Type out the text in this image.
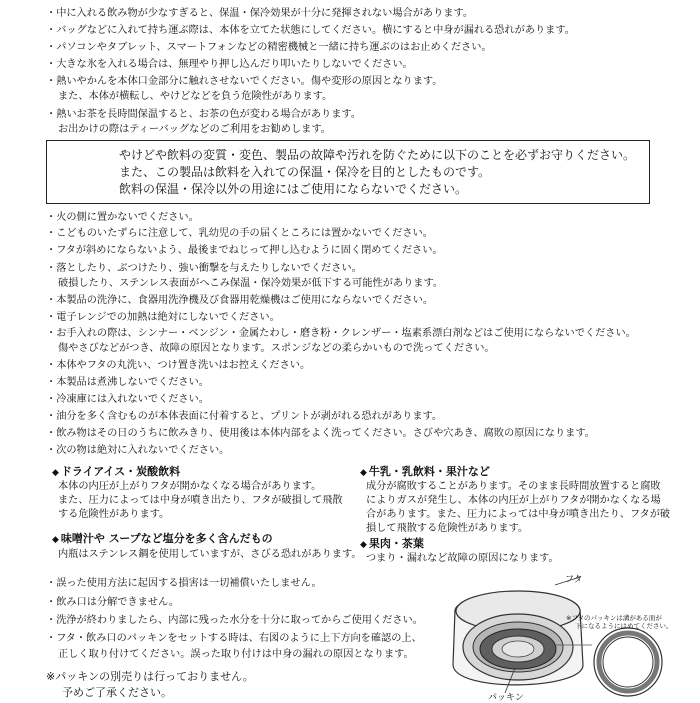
・ 中に入れる飲み物が少なすぎると、保温・保冷効果が十分に発揮されない場合があります。
・ バッグなどに入れて持ち運ぶ際は、本体を立てた状態にしてください。横にすると中身が漏れる恐れがあります。
・ パソコンやタブレット、スマートフォンなどの精密機械と一緒に持ち運ぶのはお止めください。
・ 大きな氷を入れる場合は、無理やり押し込んだり叩いたりしないでください。
・ 熱いやかんを本体口金部分に触れさせないでください。傷や変形の原因となります。
また、本体が横転し、やけどなどを負う危険性があります。
・ 熱いお茶を長時間保温すると、お茶の色が変わる場合があります。
お出かけの際はティーバッグなどのご利用をお勧めします。
やけどや飲料の変質・変色、製品の故障や汚れを防ぐために以下のことを必ずお守りください。
また、この製品は飲料を入れての保温・保冷を目的としたものです。
飲料の保温・保冷以外の用途にはご使用にならないでください。
・ 火の側に置かないでください。
・ こどものいたずらに注意して、乳幼児の手の届くところには置かないでください。
・ フタが斜めにならないよう、最後までねじって押し込むように固く閉めてください。
・ 落としたり、ぶつけたり、強い衝撃を与えたりしないでください。
破損したり、ステンレス表面がへこみ保温・保冷効果が低下する可能性があります。
・ 本製品の洗浄に、食器用洗浄機及び食器用乾燥機はご使用にならないでください。
・ 電子レンジでの加熱は絶対にしないでください。
・ お手入れの際は、シンナー・ベンジン・金属たわし・磨き粉・クレンザー・塩素系漂白剤などはご使用にならないでください。
傷やさびなどがつき、故障の原因となります。スポンジなどの柔らかいもので洗ってください。
・ 本体やフタの丸洗い、つけ置き洗いはお控えください。
・ 本製品は煮沸しないでください。
・ 冷凍庫には入れないでください。
・ 油分を多く含むものが本体表面に付着すると、プリントが剥がれる恐れがあります。
・ 飲み物はその日のうちに飲みきり、使用後は本体内部をよく洗ってください。さびや穴あき、腐敗の原因になります。
・ 次の物は絶対に入れないでください。
◆ ドライアイス・炭酸飲料
本体の内圧が上がりフタが開かなくなる場合があります。
また、圧力によっては中身が噴き出たり、フタが破損して飛散
する危険性があります。
◆ 味噌汁や スープなど塩分を多く含んだもの
内瓶はステンレス鋼を使用していますが、さびる恐れがあります。
◆ 牛乳・乳飲料・果汁など
成分が腐敗することがあります。そのまま長時間放置すると腐敗
によりガスが発生し、本体の内圧が上がりフタが開かなくなる場
合があります。また、圧力によっては中身が噴き出たり、フタが破
損して飛散する危険性があります。
◆ 果肉・茶葉
つまり・漏れなど故障の原因になります。
・ 誤った使用方法に起因する損害は一切補償いたしません。
・ 飲み口は分解できません。
・ 洗浄が終わりましたら、内部に残った水分を十分に取ってからご使用ください。
・ フタ・飲み口のパッキンをセットする時は、右図のように上下方向を確認の上、
正しく取り付けてください。誤った取り付けは中身の漏れの原因となります。
※パッキンの別売りは行っておりません。
予めご了承ください。
フタ
パッキン
※フタのパッキンは溝がある面が
下になるようにはめてください。
